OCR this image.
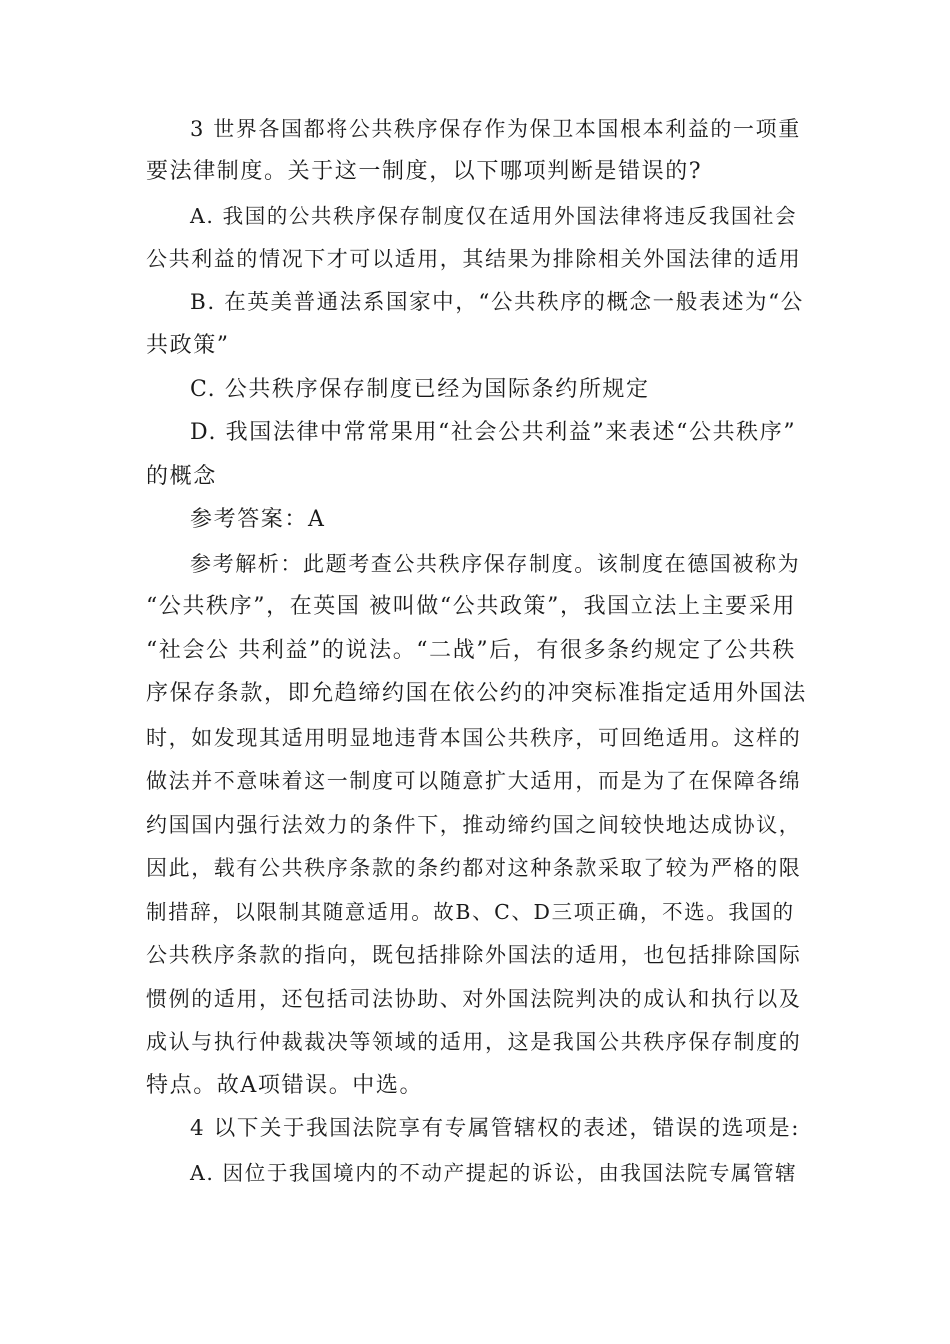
3 世界各国都将公共秩序保存作为保卫本国根本利益的一项重
要法律制度。关于这一制度，以下哪项判断是错误的?
A. 我国的公共秩序保存制度仅在适用外国法律将违反我国社会
公共利益的情况下才可以适用，其结果为排除相关外国法律的适用
B. 在英美普通法系国家中，“公共秩序的概念一般表述为“公
共政策”
C. 公共秩序保存制度已经为国际条约所规定
D. 我国法律中常常果用“社会公共利益”来表述“公共秩序”
的概念
参考答案：A
参考解析：此题考查公共秩序保存制度。该制度在德国被称为
“公共秩序”，在英国 被叫做“公共政策”，我国立法上主要采用
“社会公 共利益”的说法。“二战”后，有很多条约规定了公共秩
序保存条款，即允趋缔约国在依公约的冲突标准指定适用外国法
时，如发现其适用明显地违背本国公共秩序，可回绝适用。这样的
做法并不意味着这一制度可以随意扩大适用，而是为了在保障各绵
约国国内强行法效力的条件下，推动缔约国之间较快地达成协议，
因此，载有公共秩序条款的条约都对这种条款采取了较为严格的限
制措辞，以限制其随意适用。故B、C、D三项正确，不选。我国的
公共秩序条款的指向，既包括排除外国法的适用，也包括排除国际
惯例的适用，还包括司法协助、对外国法院判决的成认和执行以及
成认与执行仲裁裁决等领域的适用，这是我国公共秩序保存制度的
特点。故A项错误。中选。
4 以下关于我国法院享有专属管辖权的表述，错误的选项是:
A. 因位于我国境内的不动产提起的诉讼，由我国法院专属管辖
